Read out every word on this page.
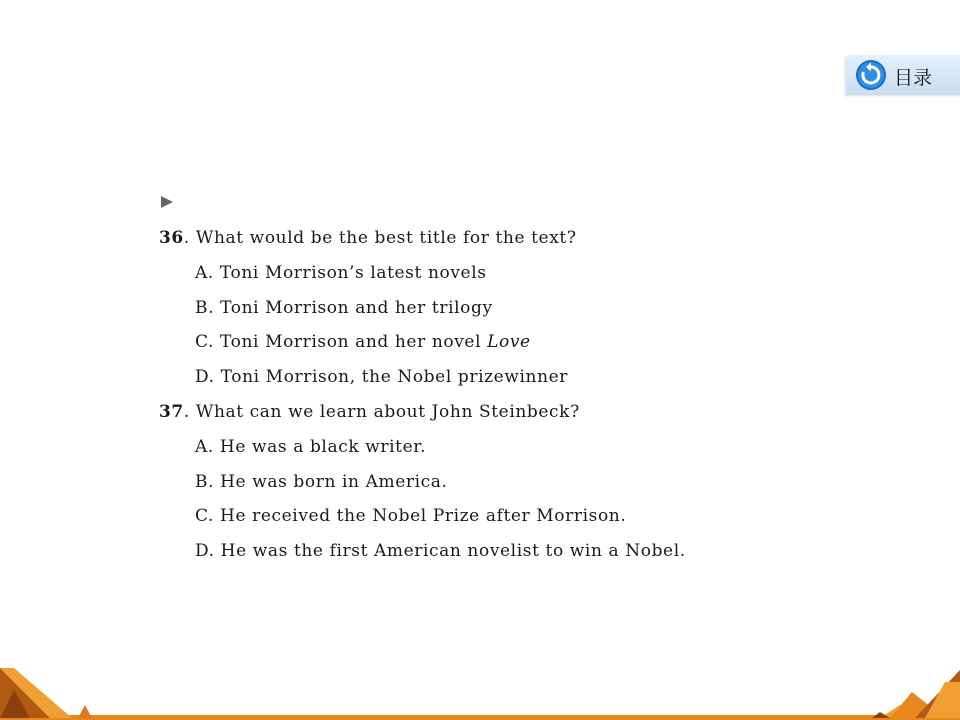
目录
36. What would be the best title for the text?
A. Toni Morrison’s latest novels
B. Toni Morrison and her trilogy
C. Toni Morrison and her novel Love
D. Toni Morrison, the Nobel prizewinner
37. What can we learn about John Steinbeck?
A. He was a black writer.
B. He was born in America.
C. He received the Nobel Prize after Morrison.
D. He was the first American novelist to win a Nobel.
